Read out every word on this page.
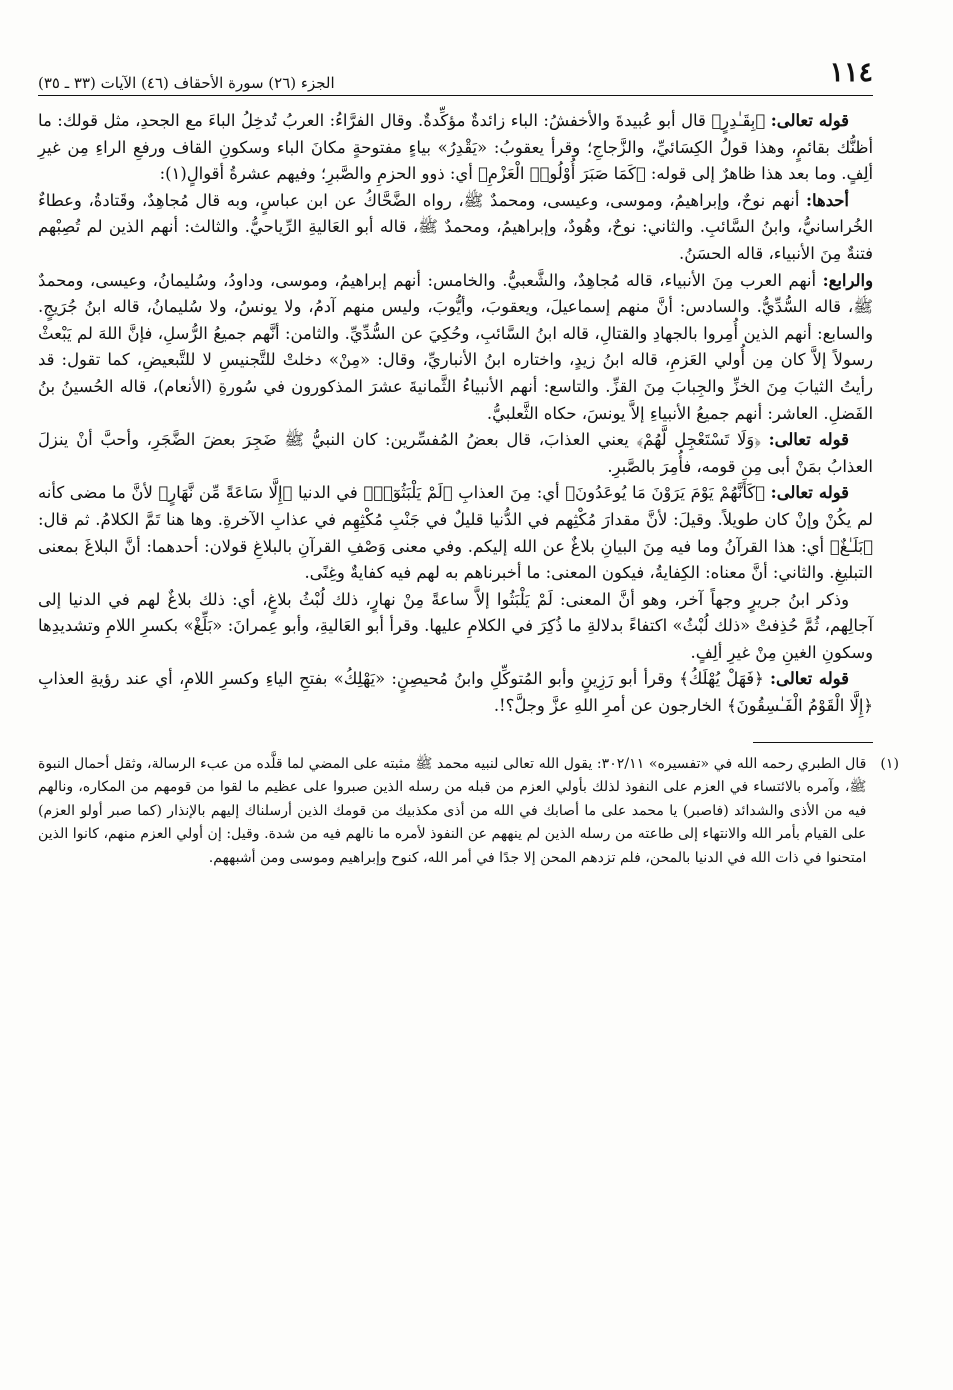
١١٤
الجزء (٢٦) سورة الأحقاف (٤٦) الآيات (٣٣ ـ ٣٥)

قوله تعالى: ﴿بِقَـٰدِرٍ﴾ قال أبو عُبيدةَ والأخفشُ: الباء زائدةٌ مؤكِّدةٌ. وقال الفرَّاءُ: العربُ تُدخِلُ الباءَ مع الجحدِ، مثل قولك: ما أظنُّك بقائمٍ، وهذا قولُ الكِسَائيِّ، والزَّجاجِ؛ وقرأ يعقوبُ: «يَقْدِرُ» بياءٍ مفتوحةٍ مكانَ الباء وسكونِ القاف ورفعِ الراءِ مِن غيرِ ألِفٍ. وما بعد هذا ظاهرٌ إلى قوله: ﴿كَمَا صَبَرَ أُوْلُوا۟ الْعَزْمِ﴾ أي: ذوو الحزمِ والصَّبرِ؛ وفيهم عشرةُ أقوالٍ(١):

أحدها: أنهم نوحٌ، وإبراهيمُ، وموسى، وعيسى، ومحمدٌ ﷺ، رواه الضَّحَّاكُ عن ابن عباسٍ، وبه قال مُجاهِدٌ، وقَتادةُ، وعطاءٌ الخُراسانيُّ، وابنُ السَّائبِ. والثاني: نوحٌ، وهُودٌ، وإبراهيمُ، ومحمدٌ ﷺ، قاله أبو العَاليةِ الرِّياحيُّ. والثالث: أنهم الذين لم تُصِبْهم فتنةٌ مِنَ الأنبياء، قاله الحسَنُ.

والرابع: أنهم العرب مِنَ الأنبياء، قاله مُجاهِدٌ، والشَّعبيُّ. والخامس: أنهم إبراهيمُ، وموسى، وداودُ، وسُليمانُ، وعيسى، ومحمدٌ ﷺ، قاله السُّدِّيُّ. والسادس: أنَّ منهم إسماعيلَ، ويعقوبَ، وأيُّوبَ، وليس منهم آدمُ، ولا يونسُ، ولا سُليمانُ، قاله ابنُ جُرَيجٍ. والسابع: أنهم الذين أُمِروا بالجهادِ والقتالِ، قاله ابنُ السَّائبِ، وحُكِيَ عن السُّدِّيِّ. والثامن: أنَّهم جميعُ الرُّسلِ، فإنَّ اللهَ لم يَبْعثْ رسولاً إلاَّ كان مِن أُولي العَزمِ، قاله ابنُ زيدٍ، واختاره ابنُ الأنباريِّ، وقال: «مِنْ» دخلتْ للتَّجنيسِ لا للتَّبعيضِ، كما تقول: قد رأيتُ الثيابَ مِنَ الخزِّ والجِبابَ مِنَ القزِّ. والتاسع: أنهم الأنبياءُ الثَّمانيةَ عشرَ المذكورون في سُورةِ (الأنعام)، قاله الحُسينُ بنُ الفَضلِ. العاشر: أنهم جميعُ الأنبياءِ إلاَّ يونسَ، حكاه الثَّعلبيُّ.

قوله تعالى: ﴿وَلَا تَسْتَعْجِل لَّهُمْ﴾ يعني العذابَ، قال بعضُ المُفسِّرين: كان النبيُّ ﷺ ضَجِرَ بعضَ الضَّجَرِ، وأحبَّ أنْ ينزلَ العذابُ بمَنْ أبى مِن قومه، فأُمِرَ بالصَّبرِ.

قوله تعالى: ﴿كَأَنَّهُمْ يَوْمَ يَرَوْنَ مَا يُوعَدُونَ﴾ أي: مِنَ العذابِ ﴿لَمْ يَلْبَثُوٓا۟﴾ في الدنيا ﴿إِلَّا سَاعَةً مِّن نَّهَارٍ﴾ لأنَّ ما مضى كأنه لم يكُنْ وإنْ كان طويلاً. وقيلَ: لأنَّ مقدارَ مُكْثِهم في الدُّنيا قليلٌ في جَنْبِ مُكْثِهِم في عذابِ الآخرةِ. وها هنا تَمَّ الكلامُ. ثم قال: ﴿بَلَـٰغٌ﴾ أي: هذا القرآنُ وما فيه مِنَ البيانِ بلاغٌ عن الله إليكم. وفي معنى وَصْفِ القرآنِ بالبلاغِ قولان: أحدهما: أنَّ البلاغَ بمعنى التبليغِ. والثاني: أنَّ معناه: الكِفايةُ، فيكون المعنى: ما أخبرناهم به لهم فيه كفايةٌ وغِنًى.

وذكر ابنُ جريرٍ وجهاً آخر، وهو أنَّ المعنى: لَمْ يَلْبَثُوا إلاَّ ساعةً مِنْ نهارٍ، ذلك لُبْثُ بلاغٍ، أي: ذلك بلاغٌ لهم في الدنيا إلى آجالِهم، ثُمَّ حُذِفتْ «ذلك لُبْثُ» اكتفاءً بدلالةِ ما ذُكِرَ في الكلامِ عليها. وقرأ أبو العَاليةِ، وأبو عِمرانَ: «بَلِّغْ» بكسرِ اللامِ وتشديدِها وسكونِ الغينِ مِنْ غيرِ ألِفٍ.

قوله تعالى: ﴿فَهَلْ يُهْلَكُ﴾ وقرأ أبو رَزِينٍ وأبو المُتوكِّلِ وابنُ مُحيصِنٍ: «يَهْلِكُ» بفتحِ الياءِ وكسرِ اللامِ، أي عند رؤيةِ العذابِ ﴿إِلَّا الْقَوْمُ الْفَـٰسِقُونَ﴾ الخارجون عن أمرِ اللهِ عزَّ وجلَّ؟!.

(١)
قال الطبري رحمه الله في «تفسيره» ٣٠٢/١١: يقول الله تعالى لنبيه محمد ﷺ مثبته على المضي لما قلَّده من عبء الرسالة، وثقل أحمال النبوة ﷺ، وآمره بالائتساء في العزم على النفوذ لذلك بأولي العزم من قبله من رسله الذين صبروا على عظيم ما لقوا من قومهم من المكاره، ونالهم فيه من الأذى والشدائد (فاصبر) يا محمد على ما أصابك في الله من أذى مكذبيك من قومك الذين أرسلناك إليهم بالإنذار (كما صبر أولو العزم) على القيام بأمر الله والانتهاء إلى طاعته من رسله الذين لم ينههم عن النفوذ لأمره ما نالهم فيه من شدة. وقيل: إن أولي العزم منهم، كانوا الذين امتحنوا في ذات الله في الدنيا بالمحن، فلم تزدهم المحن إلا جدًا في أمر الله، كنوح وإبراهيم وموسى ومن أشبههم.
